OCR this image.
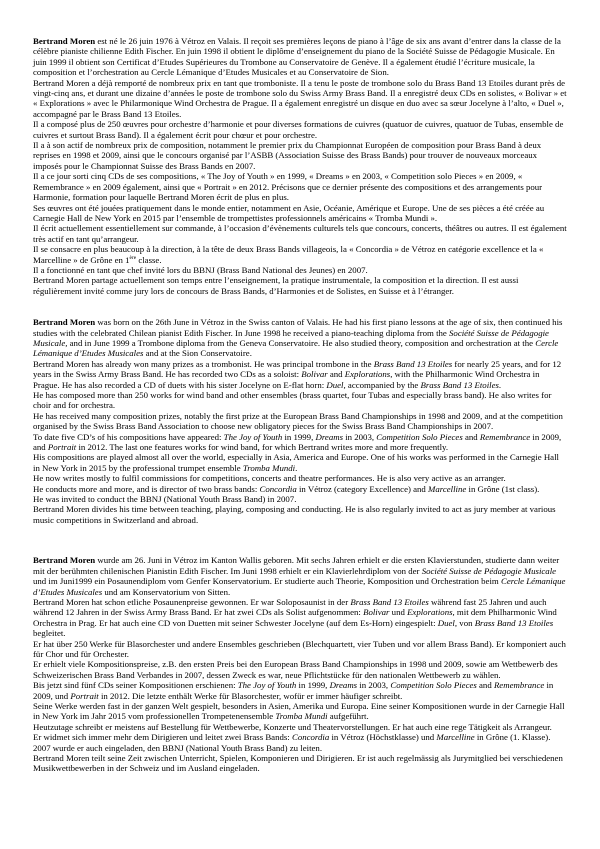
Bertrand Moren est né le 26 juin 1976 à Vétroz en Valais. Il reçoit ses premières leçons de piano à l’âge de six ans avant d’entrer dans la classe de la célèbre pianiste chilienne Edith Fischer. En juin 1998 il obtient le diplôme d’enseignement du piano de la Société Suisse de Pédagogie Musicale. En juin 1999 il obtient son Certificat d’Etudes Supérieures du Trombone au Conservatoire de Genève. Il a également étudié l’écriture musicale, la composition et l’orchestration au Cercle Lémanique d’Etudes Musicales et au Conservatoire de Sion.

Bertrand Moren a déjà remporté de nombreux prix en tant que tromboniste. Il a tenu le poste de trombone solo du Brass Band 13 Etoiles durant près de vingt-cinq ans, et durant une dizaine d’années le poste de trombone solo du Swiss Army Brass Band. Il a enregistré deux CDs en solistes, « Bolivar » et « Explorations » avec le Philarmonique Wind Orchestra de Prague. Il a également enregistré un disque en duo avec sa sœur Jocelyne à l’alto, « Duel », accompagné par le Brass Band 13 Etoiles.

Il a composé plus de 250 œuvres pour orchestre d’harmonie et pour diverses formations de cuivres (quatuor de cuivres, quatuor de Tubas, ensemble de cuivres et surtout Brass Band). Il a également écrit pour chœur et pour orchestre.

Il a à son actif de nombreux prix de composition, notamment le premier prix du Championnat Européen de composition pour Brass Band à deux reprises en 1998 et 2009, ainsi que le concours organisé par l’ASBB (Association Suisse des Brass Bands) pour trouver de nouveaux morceaux imposés pour le Championnat Suisse des Brass Bands en 2007.

Il a ce jour sorti cinq CDs de ses compositions, « The Joy of Youth » en 1999, « Dreams » en 2003, « Competition solo Pieces » en 2009, « Remembrance » en 2009 également, ainsi que « Portrait » en 2012. Précisons que ce dernier présente des compositions et des arrangements pour Harmonie, formation pour laquelle Bertrand Moren écrit de plus en plus.

Ses œuvres ont été jouées pratiquement dans le monde entier, notamment en Asie, Océanie, Amérique et Europe. Une de ses pièces a été créée au Carnegie Hall de New York en 2015 par l’ensemble de trompettistes professionnels américains « Tromba Mundi ».

Il écrit actuellement essentiellement sur commande, à l’occasion d’évènements culturels tels que concours, concerts, théâtres ou autres. Il est également très actif en tant qu’arrangeur.

Il se consacre en plus beaucoup à la direction, à la tête de deux Brass Bands villageois, la « Concordia » de Vétroz en catégorie excellence et la « Marcelline » de Grône en 1ère classe.

Il a fonctionné en tant que chef invité lors du BBNJ (Brass Band National des Jeunes) en 2007.

Bertrand Moren partage actuellement son temps entre l’enseignement, la pratique instrumentale, la composition et la direction. Il est aussi régulièrement invité comme jury lors de concours de Brass Bands, d’Harmonies et de Solistes, en Suisse et à l’étranger.

Bertrand Moren was born on the 26th June in Vétroz in the Swiss canton of Valais. He had his first piano lessons at the age of six, then continued his studies with the celebrated Chilean pianist Edith Fischer. In June 1998 he received a piano-teaching diploma from the Société Suisse de Pédagogie Musicale, and in June 1999 a Trombone diploma from the Geneva Conservatoire. He also studied theory, composition and orchestration at the Cercle Lémanique d’Etudes Musicales and at the Sion Conservatoire.

Bertrand Moren has already won many prizes as a trombonist. He was principal trombone in the Brass Band 13 Etoiles for nearly 25 years, and for 12 years in the Swiss Army Brass Band. He has recorded two CDs as a soloist: Bolivar and Explorations, with the Philharmonic Wind Orchestra in Prague. He has also recorded a CD of duets with his sister Jocelyne on E-flat horn: Duel, accompanied by the Brass Band 13 Etoiles.

He has composed more than 250 works for wind band and other ensembles (brass quartet, four Tubas and especially brass band). He also writes for choir and for orchestra.

He has received many composition prizes, notably the first prize at the European Brass Band Championships in 1998 and 2009, and at the competition organised by the Swiss Brass Band Association to choose new obligatory pieces for the Swiss Brass Band Championships in 2007.

To date five CD’s of his compositions have appeared: The Joy of Youth in 1999, Dreams in 2003, Competition Solo Pieces and Remembrance in 2009, and Portrait in 2012. The last one features works for wind band, for which Bertrand writes more and more frequently.

His compositions are played almost all over the world, especially in Asia, America and Europe. One of his works was performed in the Carnegie Hall in New York in 2015 by the professional trumpet ensemble Tromba Mundi.

He now writes mostly to fulfil commissions for competitions, concerts and theatre performances. He is also very active as an arranger.

He conducts more and more, and is director of two brass bands: Concordia in Vétroz (category Excellence) and Marcelline in Grône (1st class).

He was invited to conduct the BBNJ (National Youth Brass Band) in 2007.

Bertrand Moren divides his time between teaching, playing, composing and conducting. He is also regularly invited to act as jury member at various music competitions in Switzerland and abroad.

Bertrand Moren wurde am 26. Juni in Vétroz im Kanton Wallis geboren. Mit sechs Jahren erhielt er die ersten Klavierstunden, studierte dann weiter mit der berühmten chilenischen Pianistin Edith Fischer. Im Juni 1998 erhielt er ein Klavierlehrdiplom von der Société Suisse de Pédagogie Musicale und im Juni1999 ein Posaunendiplom vom Genfer Konservatorium. Er studierte auch Theorie, Komposition und Orchestration beim Cercle Lémanique d’Etudes Musicales und am Konservatorium von Sitten.

Bertrand Moren hat schon etliche Posaunenpreise gewonnen. Er war Soloposaunist in der Brass Band 13 Etoiles während fast 25 Jahren und auch während 12 Jahren in der Swiss Army Brass Band. Er hat zwei CDs als Solist aufgenommen: Bolivar und Explorations, mit dem Philharmonic Wind Orchestra in Prag. Er hat auch eine CD von Duetten mit seiner Schwester Jocelyne (auf dem Es-Horn) eingespielt: Duel, von Brass Band 13 Etoiles begleitet.

Er hat über 250 Werke für Blasorchester und andere Ensembles geschrieben (Blechquartett, vier Tuben und vor allem Brass Band). Er komponiert auch für Chor und für Orchester.

Er erhielt viele Kompositionspreise, z.B. den ersten Preis bei den European Brass Band Championships in 1998 und 2009, sowie am Wettbewerb des Schweizerischen Brass Band Verbandes in 2007, dessen Zweck es war, neue Pflichtstücke für den nationalen Wettbewerb zu wählen.

Bis jetzt sind fünf CDs seiner Kompositionen erschienen: The Joy of Youth in 1999, Dreams in 2003, Competition Solo Pieces and Remembrance in 2009, und Portrait in 2012. Die letzte enthält Werke für Blasorchester, wofür er immer häufiger schreibt.

Seine Werke werden fast in der ganzen Welt gespielt, besonders in Asien, Amerika und Europa. Eine seiner Kompositionen wurde in der Carnegie Hall in New York im Jahr 2015 vom professionellen Trompetenensemble Tromba Mundi aufgeführt.

Heutzutage schreibt er meistens auf Bestellung für Wettbewerbe, Konzerte und Theatervorstellungen. Er hat auch eine rege Tätigkeit als Arrangeur.

Er widmet sich immer mehr dem Dirigieren und leitet zwei Brass Bands: Concordia in Vétroz (Höchstklasse) und Marcelline in Grône (1. Klasse).

2007 wurde er auch eingeladen, den BBNJ (National Youth Brass Band) zu leiten.

Bertrand Moren teilt seine Zeit zwischen Unterricht, Spielen, Komponieren und Dirigieren. Er ist auch regelmässig als Jurymitglied bei verschiedenen Musikwettbewerben in der Schweiz und im Ausland eingeladen.
